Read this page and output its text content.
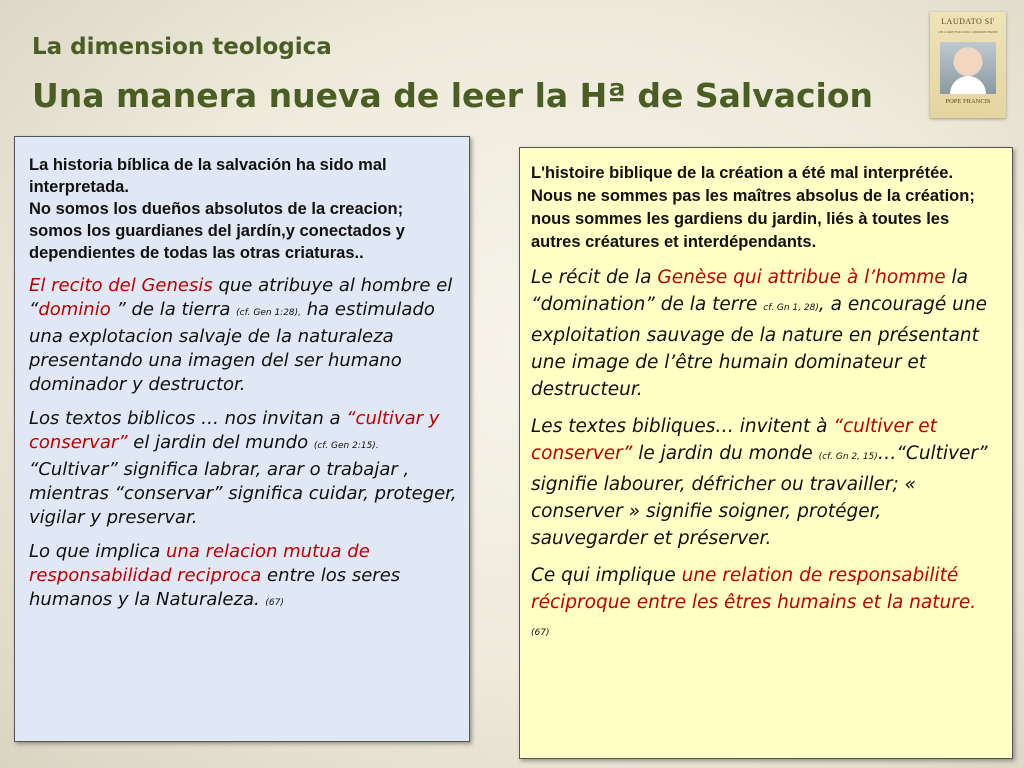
La dimension teologica
Una manera nueva de leer la Hª de Salvacion
LAUDATO SI'
ON CARE FOR OUR COMMON HOME
POPE FRANCIS
La historia bíblica de la salvación ha sido mal interpretada.
No somos los dueños absolutos de la creacion; somos los guardianes del jardín,y conectados y dependientes de todas las otras criaturas..

El recito del Genesis que atribuye al hombre el “dominio ” de la tierra (cf. Gen 1:28), ha estimulado una explotacion salvaje de la naturaleza presentando una imagen del ser humano dominador y destructor.

Los textos biblicos … nos invitan a “cultivar y conservar” el jardin del mundo (cf. Gen 2:15). “Cultivar” significa labrar, arar o trabajar , mientras “conservar” significa cuidar, proteger, vigilar y preservar.

Lo que implica una relacion mutua de responsabilidad reciproca entre los seres humanos y la Naturaleza. (67)

L'histoire biblique de la création a été mal interprétée.
Nous ne sommes pas les maîtres absolus de la création; nous sommes les gardiens du jardin, liés à toutes les autres créatures et interdépendants.

Le récit de la Genèse qui attribue à l’homme la “domination” de la terre cf. Gn 1, 28), a encouragé une exploitation sauvage de la nature en présentant une image de l’être humain dominateur et destructeur.

Les textes bibliques… invitent à “cultiver et conserver” le jardin du monde (cf. Gn 2, 15)…“Cultiver” signifie labourer, défricher ou travailler; « conserver » signifie soigner, protéger, sauvegarder et préserver.

Ce qui implique une relation de responsabilité réciproque entre les êtres humains et la nature. (67)
